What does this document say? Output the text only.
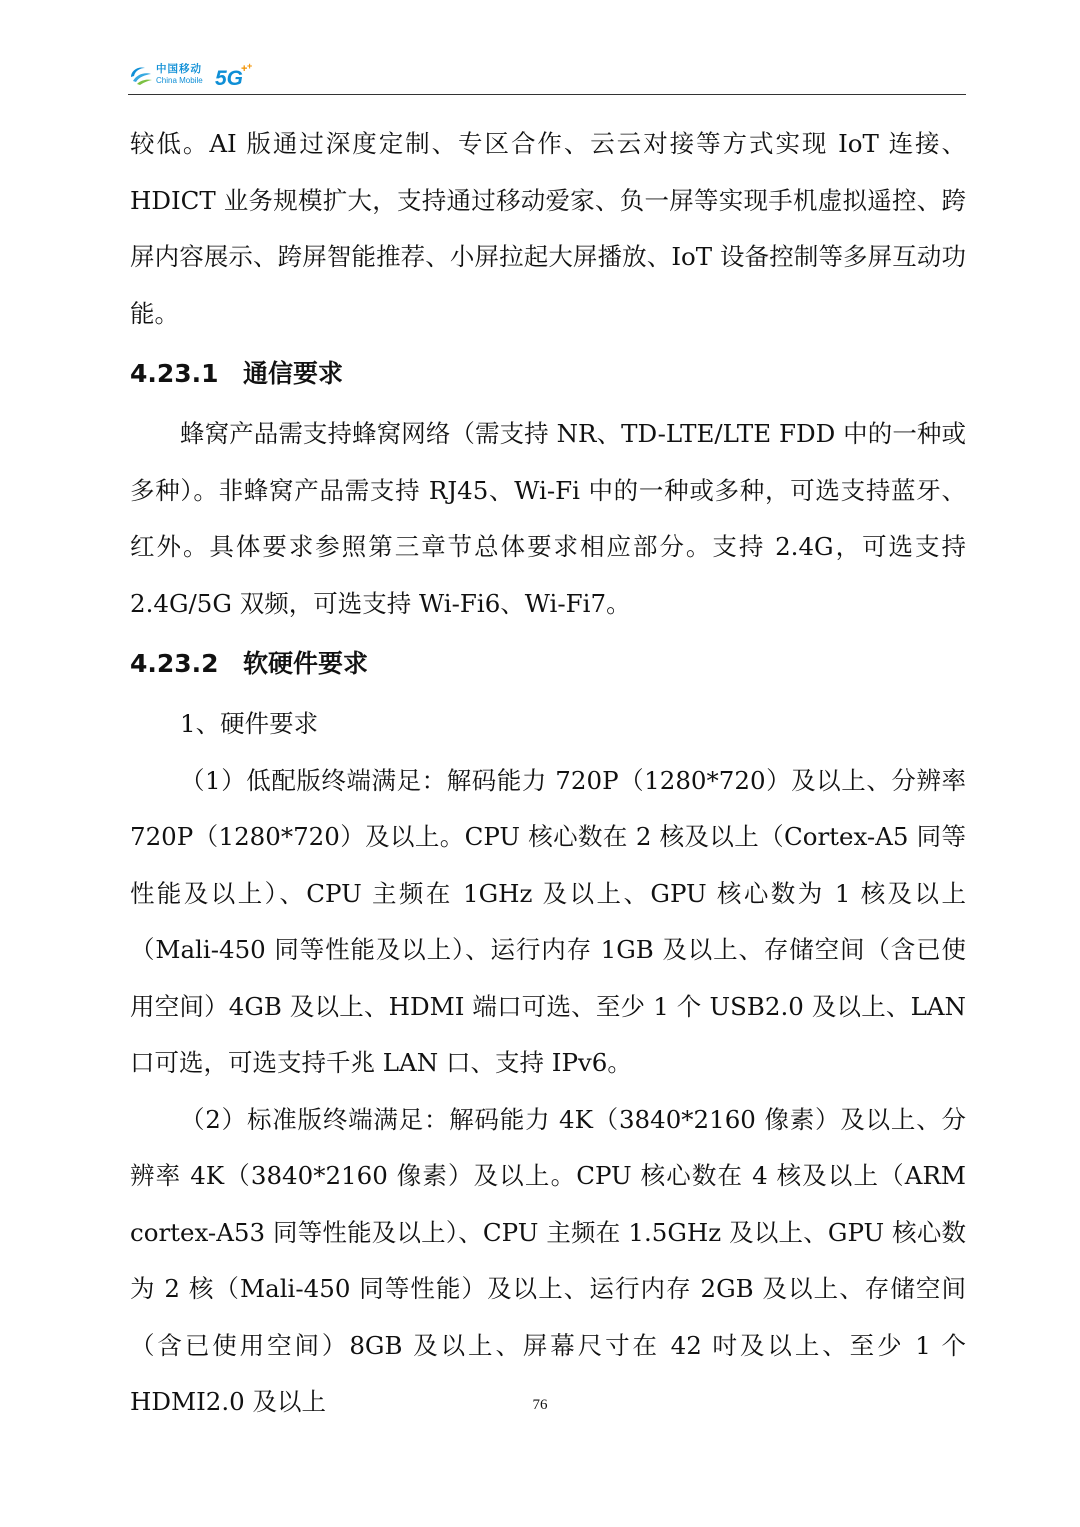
中国移动
China Mobile 5G
+ +

较低。AI 版通过深度定制、专区合作、云云对接等方式实现 IoT 连接、HDICT 业务规模扩大，支持通过移动爱家、负一屏等实现手机虚拟遥控、跨屏内容展示、跨屏智能推荐、小屏拉起大屏播放、IoT 设备控制等多屏互动功能。

4.23.1 通信要求

蜂窝产品需支持蜂窝网络（需支持 NR、TD-LTE/LTE FDD 中的一种或多种）。非蜂窝产品需支持 RJ45、Wi-Fi 中的一种或多种，可选支持蓝牙、红外。具体要求参照第三章节总体要求相应部分。支持 2.4G，可选支持 2.4G/5G 双频，可选支持 Wi-Fi6、Wi-Fi7。

4.23.2 软硬件要求

1、硬件要求

（1）低配版终端满足：解码能力 720P（1280*720）及以上、分辨率 720P（1280*720）及以上。CPU 核心数在 2 核及以上（Cortex-A5 同等性能及以上）、CPU 主频在 1GHz 及以上、GPU 核心数为 1 核及以上（Mali-450 同等性能及以上）、运行内存 1GB 及以上、存储空间（含已使用空间）4GB 及以上、HDMI 端口可选、至少 1 个 USB2.0 及以上、LAN 口可选，可选支持千兆 LAN 口、支持 IPv6。

（2）标准版终端满足：解码能力 4K（3840*2160 像素）及以上、分辨率 4K（3840*2160 像素）及以上。CPU 核心数在 4 核及以上（ARM cortex-A53 同等性能及以上）、CPU 主频在 1.5GHz 及以上、GPU 核心数为 2 核（Mali-450 同等性能）及以上、运行内存 2GB 及以上、存储空间（含已使用空间）8GB 及以上、屏幕尺寸在 42 吋及以上、至少 1 个 HDMI2.0 及以上	76
